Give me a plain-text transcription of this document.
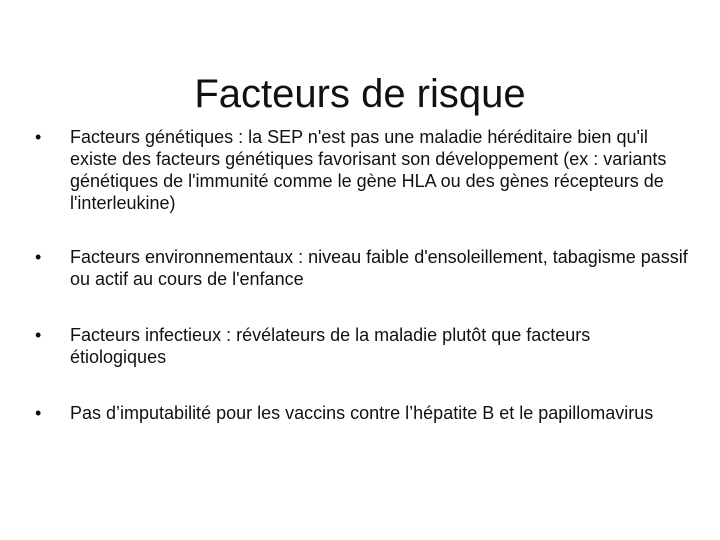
Facteurs de risque
•	Facteurs génétiques : la SEP n'est pas une maladie héréditaire bien qu'il existe des facteurs génétiques favorisant son développement (ex : variants génétiques de l'immunité comme le gène HLA ou des gènes récepteurs de l'interleukine)
•	Facteurs environnementaux : niveau faible d'ensoleillement, tabagisme passif ou actif au cours de l'enfance
•	Facteurs infectieux : révélateurs de la maladie plutôt que facteurs étiologiques
•	Pas d’imputabilité pour les vaccins contre l’hépatite B et le papillomavirus
